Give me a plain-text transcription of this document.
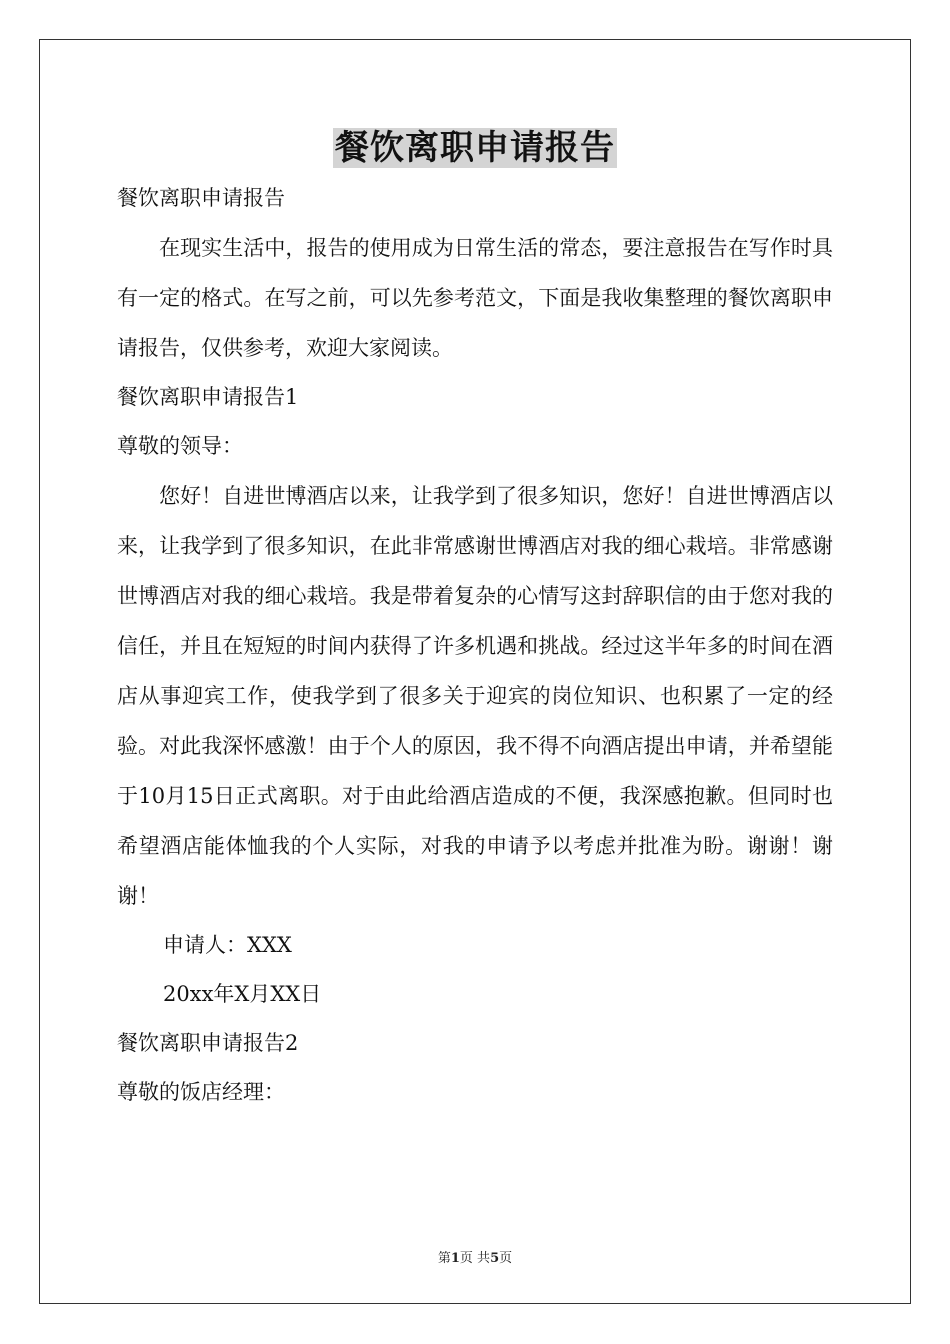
餐饮离职申请报告
餐饮离职申请报告

在现实生活中，报告的使用成为日常生活的常态，要注意报告在写作时具有一定的格式。在写之前，可以先参考范文，下面是我收集整理的餐饮离职申请报告，仅供参考，欢迎大家阅读。

餐饮离职申请报告1
尊敬的领导：

您好！自进世博酒店以来，让我学到了很多知识，您好！自进世博酒店以来，让我学到了很多知识，在此非常感谢世博酒店对我的细心栽培。非常感谢世博酒店对我的细心栽培。我是带着复杂的心情写这封辞职信的由于您对我的信任，并且在短短的时间内获得了许多机遇和挑战。经过这半年多的时间在酒店从事迎宾工作，使我学到了很多关于迎宾的岗位知识、也积累了一定的经验。对此我深怀感激！由于个人的原因，我不得不向酒店提出申请，并希望能于10月15日正式离职。对于由此给酒店造成的不便，我深感抱歉。但同时也希望酒店能体恤我的个人实际，对我的申请予以考虑并批准为盼。谢谢！谢谢！

申请人：XXX
20xx年X月XX日
餐饮离职申请报告2
尊敬的饭店经理：
第1页 共5页
